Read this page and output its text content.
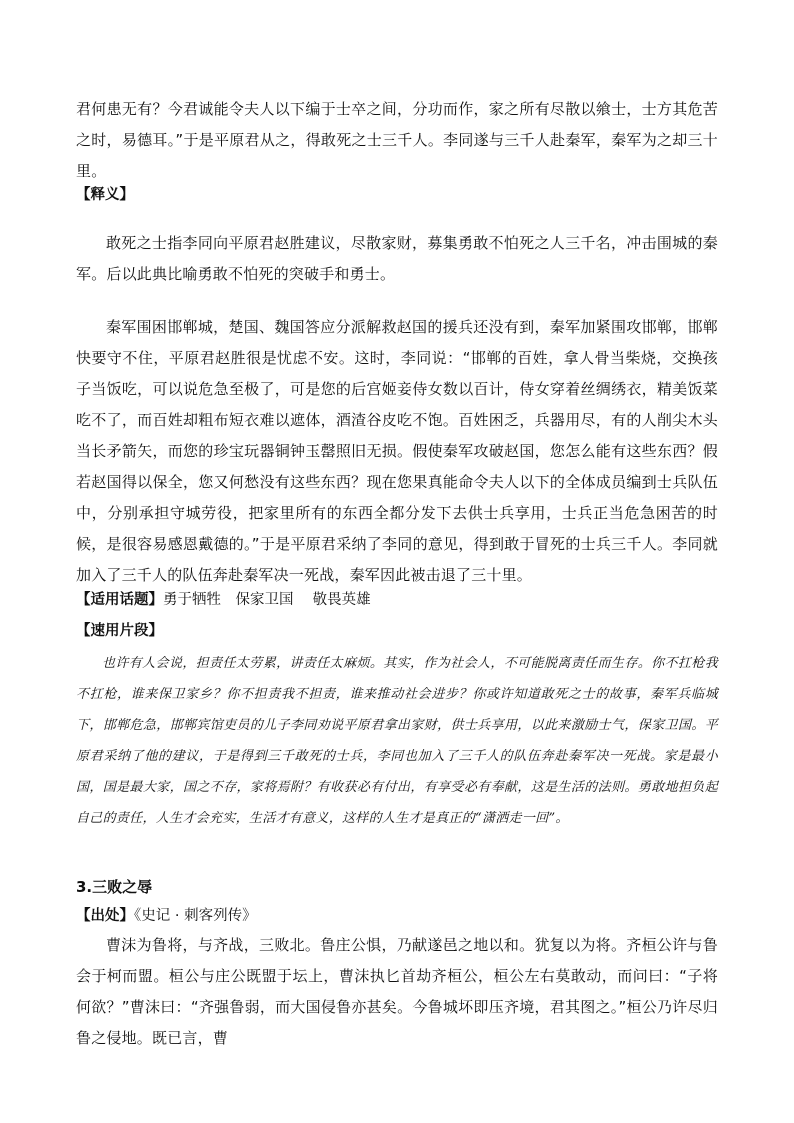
君何患无有？今君诚能令夫人以下编于士卒之间，分功而作，家之所有尽散以飨士，士方其危苦之时，易德耳。”于是平原君从之，得敢死之士三千人。李同遂与三千人赴秦军，秦军为之却三十里。

【释义】

敢死之士指李同向平原君赵胜建议，尽散家财，募集勇敢不怕死之人三千名，冲击围城的秦军。后以此典比喻勇敢不怕死的突破手和勇士。

秦军围困邯郸城，楚国、魏国答应分派解救赵国的援兵还没有到，秦军加紧围攻邯郸，邯郸快要守不住，平原君赵胜很是忧虑不安。这时，李同说：“邯郸的百姓，拿人骨当柴烧，交换孩子当饭吃，可以说危急至极了，可是您的后宫姬妾侍女数以百计，侍女穿着丝绸绣衣，精美饭菜吃不了，而百姓却粗布短衣难以遮体，酒渣谷皮吃不饱。百姓困乏，兵器用尽，有的人削尖木头当长矛箭矢，而您的珍宝玩器铜钟玉罄照旧无损。假使秦军攻破赵国，您怎么能有这些东西？假若赵国得以保全，您又何愁没有这些东西？现在您果真能命令夫人以下的全体成员编到士兵队伍中，分别承担守城劳役，把家里所有的东西全都分发下去供士兵享用，士兵正当危急困苦的时候，是很容易感恩戴德的。”于是平原君采纳了李同的意见，得到敢于冒死的士兵三千人。李同就加入了三千人的队伍奔赴秦军决一死战，秦军因此被击退了三十里。

【适用话题】勇于牺牲　保家卫国　 敬畏英雄

【速用片段】

也许有人会说，担责任太劳累，讲责任太麻烦。其实，作为社会人，不可能脱离责任而生存。你不扛枪我不扛枪，谁来保卫家乡？你不担责我不担责，谁来推动社会进步？你或许知道敢死之士的故事，秦军兵临城下，邯郸危急，邯郸宾馆吏员的儿子李同劝说平原君拿出家财，供士兵享用，以此来激励士气，保家卫国。平原君采纳了他的建议，于是得到三千敢死的士兵，李同也加入了三千人的队伍奔赴秦军决一死战。家是最小国，国是最大家，国之不存，家将焉附？有收获必有付出，有享受必有奉献，这是生活的法则。勇敢地担负起自己的责任，人生才会充实，生活才有意义，这样的人生才是真正的“潇洒走一回”。

3.三败之辱

【出处】《史记 · 刺客列传》

曹沫为鲁将，与齐战，三败北。鲁庄公惧，乃献遂邑之地以和。犹复以为将。齐桓公许与鲁会于柯而盟。桓公与庄公既盟于坛上，曹沫执匕首劫齐桓公，桓公左右莫敢动，而问曰：“子将何欲？”曹沫曰：“齐强鲁弱，而大国侵鲁亦甚矣。今鲁城坏即压齐境，君其图之。”桓公乃许尽归鲁之侵地。既已言，曹
